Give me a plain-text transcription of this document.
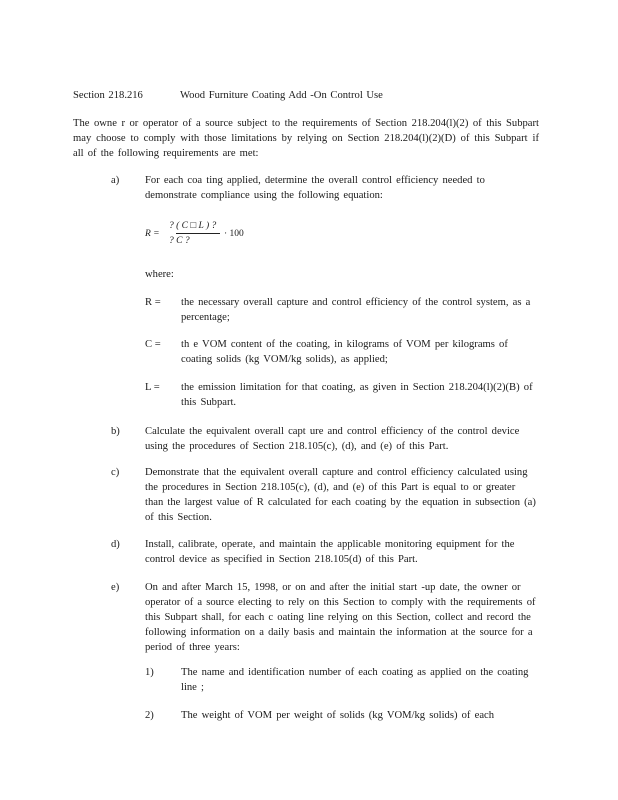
Section 218.216	Wood Furniture Coating Add -On Control Use
The owne r or operator of a source subject to the requirements of Section 218.204(l)(2) of this Subpart may choose to comply with those limitations by relying on Section 218.204(l)(2)(D) of this Subpart if all of the following requirements are met:
a) For each coa ting applied, determine the overall control efficiency needed to demonstrate compliance using the following equation:
R =
? ( C □ L ) ?
? C ?
· 100
where:
R = the necessary overall capture and control efficiency of the control system, as a percentage;
C = th e VOM content of the coating, in kilograms of VOM per kilograms of coating solids (kg VOM/kg solids), as applied;
L = the emission limitation for that coating, as given in Section 218.204(l)(2)(B) of this Subpart.
b) Calculate the equivalent overall capt ure and control efficiency of the control device using the procedures of Section 218.105(c), (d), and (e) of this Part.
c) Demonstrate that the equivalent overall capture and control efficiency calculated using the procedures in Section 218.105(c), (d), and (e) of this Part is equal to or greater than the largest value of R calculated for each coating by the equation in subsection (a) of this Section.
d) Install, calibrate, operate, and maintain the applicable monitoring equipment for the control device as specified in Section 218.105(d) of this Part.
e) On and after March 15, 1998, or on and after the initial start -up date, the owner or operator of a source electing to rely on this Section to comply with the requirements of this Subpart shall, for each c oating line relying on this Section, collect and record the following information on a daily basis and maintain the information at the source for a period of three years:
1)	The name and identification number of each coating as applied on the coating line ;
2)	The weight of VOM per weight of solids (kg VOM/kg solids) of each
